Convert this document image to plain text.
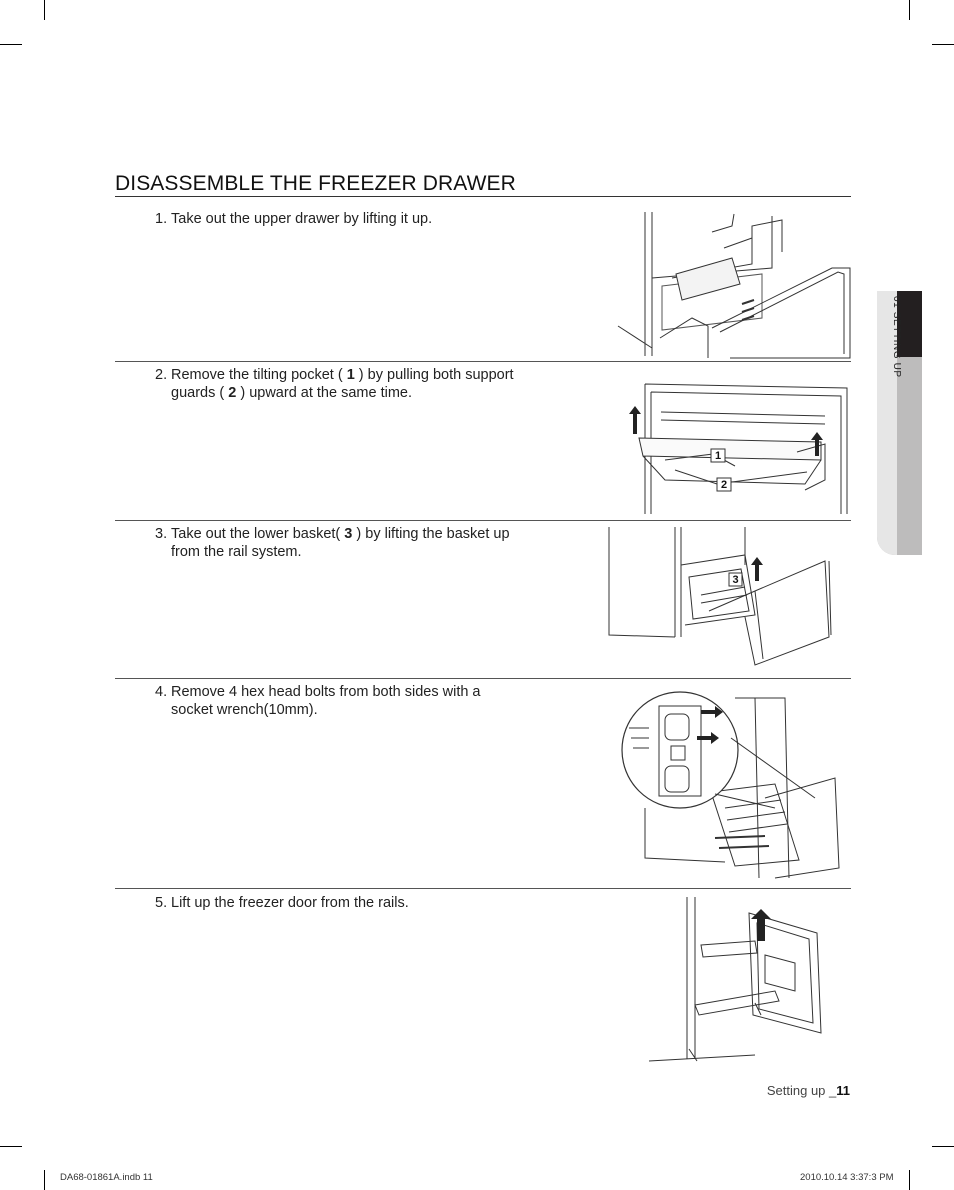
01 SETTING UP
DISASSEMBLE THE FREEZER DRAWER
1. Take out the upper drawer by lifting it up.
2. Remove the tilting pocket ( 1 ) by pulling both support guards ( 2 ) upward at the same time.
1
2
3. Take out the lower basket( 3 ) by lifting the basket up from the rail system.
3
4. Remove 4 hex head bolts from both sides with a socket wrench(10mm).
5. Lift up the freezer door from the rails.
Setting up _11
DA68-01861A.indb 11	2010.10.14 3:37:3 PM
